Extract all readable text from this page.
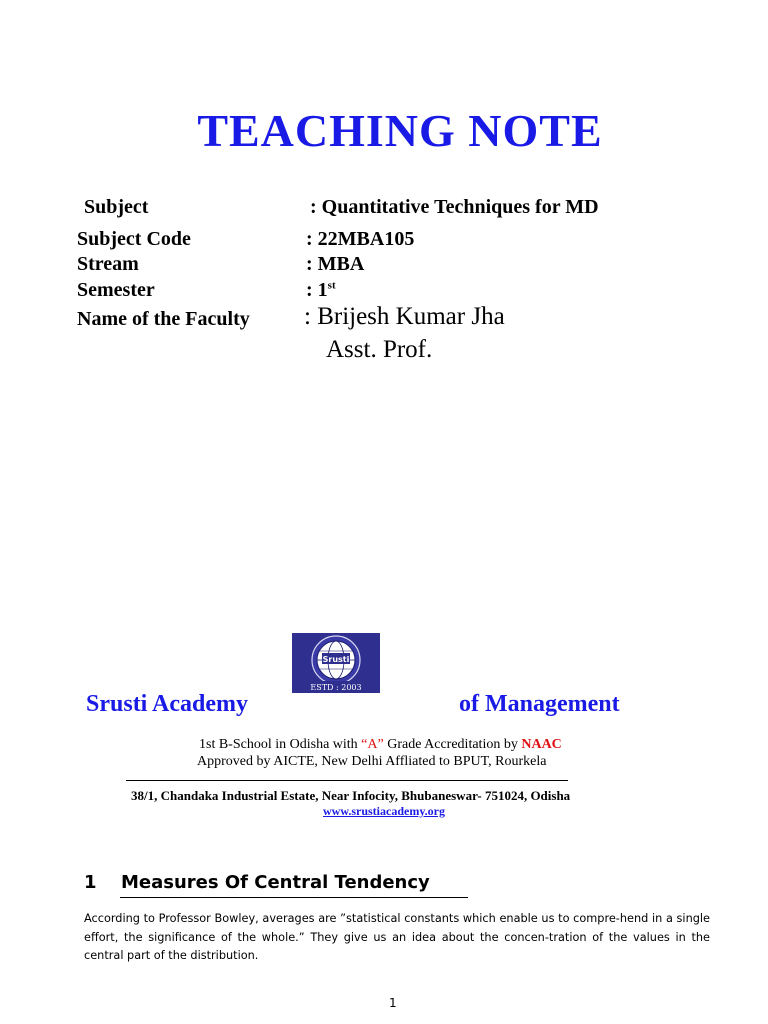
TEACHING NOTE
Subject	: Quantitative Techniques for MD
Subject Code	: 22MBA105
Stream	: MBA
Semester	: 1st
Name of the Faculty : Brijesh Kumar Jha
Asst. Prof.
Srusti
ESTD : 2003
Srusti Academy	of Management
1st B-School in Odisha with “A” Grade Accreditation by NAAC
Approved by AICTE, New Delhi Affliated to BPUT, Rourkela
38/1, Chandaka Industrial Estate, Near Infocity, Bhubaneswar- 751024, Odisha
www.srustiacademy.org
1 Measures Of Central Tendency
According to Professor Bowley, averages are ”statistical constants which enable us to compre-hend in a single effort, the significance of the whole.” They give us an idea about the concen-tration of the values in the central part of the distribution.
1
